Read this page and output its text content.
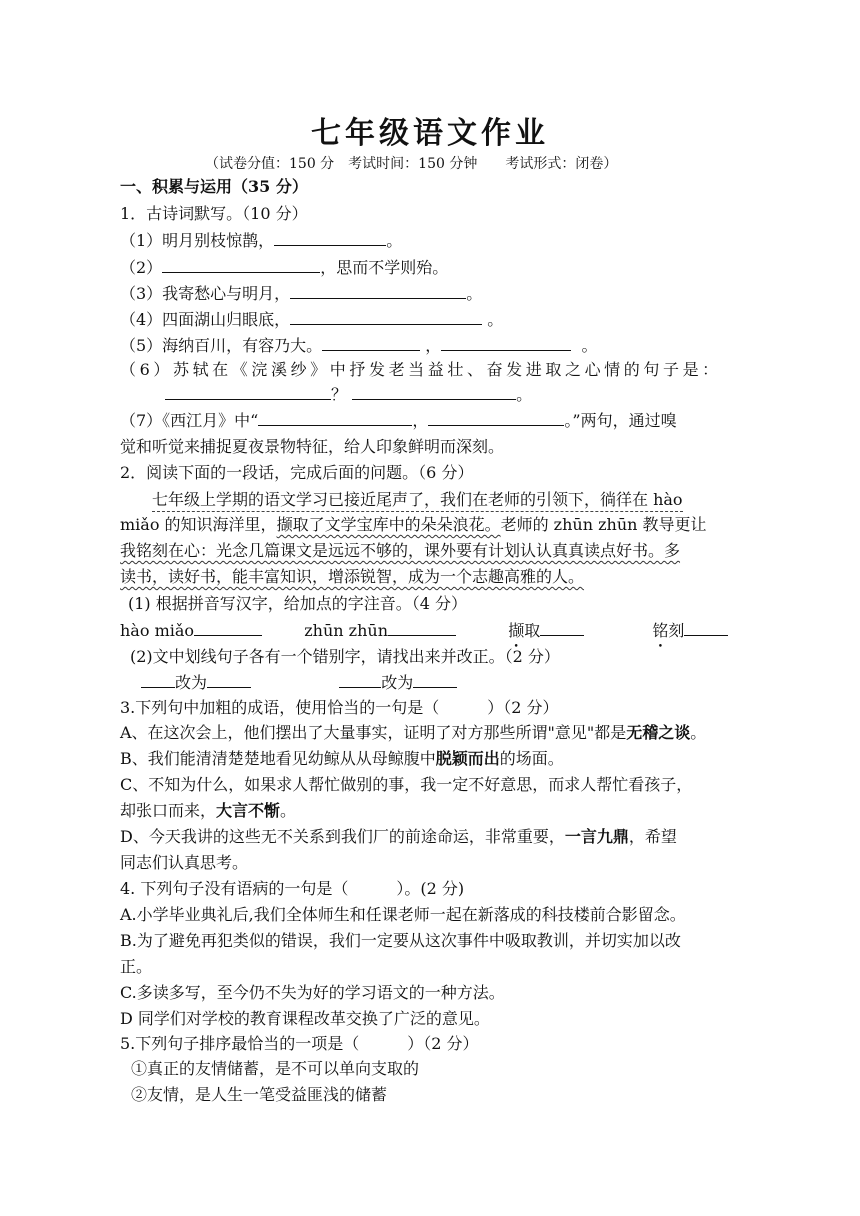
七年级语文作业
（试卷分值：150 分　考试时间：150 分钟　　考试形式：闭卷）
一、积累与运用（35 分）
1．古诗词默写。（10 分）
（1）明月别枝惊鹊，	。
（2）	，思而不学则殆。
（3）我寄愁心与明月，	。
（4）四面湖山归眼底，	。
（5）海纳百川，有容乃大。	，	。
（6）苏轼在《浣溪纱》中抒发老当益壮、奋发进取之心情的句子是：
？	。
（7）《西江月》中“	，	。”两句，通过嗅
觉和听觉来捕捉夏夜景物特征，给人印象鲜明而深刻。
2．阅读下面的一段话，完成后面的问题。（6 分）
七年级上学期的语文学习已接近尾声了，我们在老师的引领下，徜徉在 hào
miǎo 的知识海洋里，撷取了文学宝库中的朵朵浪花。老师的 zhūn zhūn 教导更让
我铭刻在心：光念几篇课文是远远不够的，课外要有计划认认真真读点好书。多
读书，读好书，能丰富知识，增添锐智，成为一个志趣高雅的人。
(1) 根据拼音写汉字，给加点的字注音。（4 分）
hào miǎo	zhūn zhūn	撷取	铭刻
(2)文中划线句子各有一个错别字，请找出来并改正。（2 分）
改为	改为
3.下列句中加粗的成语，使用恰当的一句是（　　　）（2 分）
A、在这次会上，他们摆出了大量事实，证明了对方那些所谓"意见"都是无稽之谈。
B、我们能清清楚楚地看见幼鲸从从母鲸腹中脱颖而出的场面。
C、不知为什么，如果求人帮忙做别的事，我一定不好意思，而求人帮忙看孩子，
却张口而来，大言不惭。
D、今天我讲的这些无不关系到我们厂的前途命运，非常重要，一言九鼎，希望
同志们认真思考。
4. 下列句子没有语病的一句是（　　　）。(2 分)
A.小学毕业典礼后,我们全体师生和任课老师一起在新落成的科技楼前合影留念。
B.为了避免再犯类似的错误，我们一定要从这次事件中吸取教训，并切实加以改
正。
C.多读多写，至今仍不失为好的学习语文的一种方法。
D 同学们对学校的教育课程改革交换了广泛的意见。
5.下列句子排序最恰当的一项是（　　　）（2 分）
①真正的友情储蓄，是不可以单向支取的
②友情，是人生一笔受益匪浅的储蓄
